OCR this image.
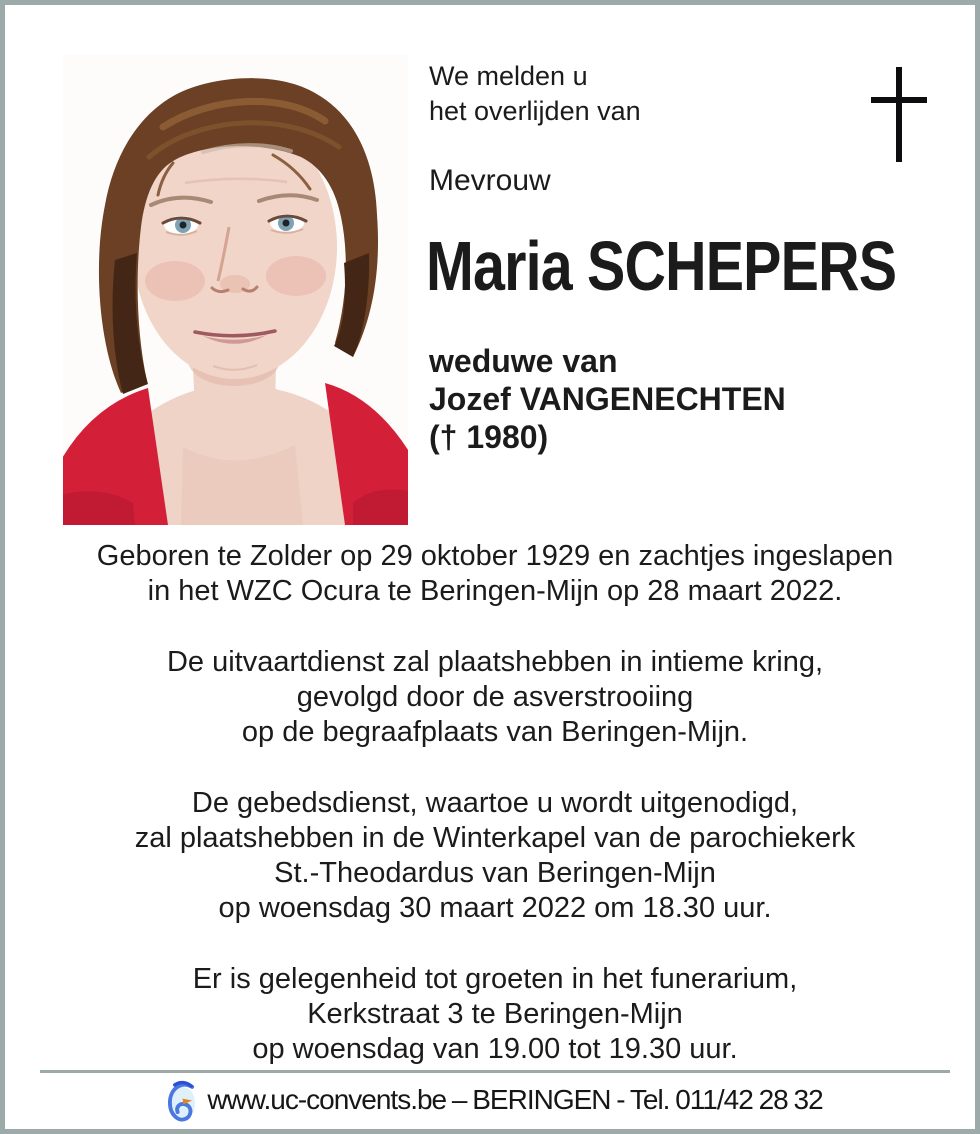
We melden u
het overlijden van
Mevrouw
Maria SCHEPERS
weduwe van
Jozef VANGENECHTEN
(† 1980)
Geboren te Zolder op 29 oktober 1929 en zachtjes ingeslapen
in het WZC Ocura te Beringen-Mijn op 28 maart 2022.
De uitvaartdienst zal plaatshebben in intieme kring,
gevolgd door de asverstrooiing
op de begraafplaats van Beringen-Mijn.
De gebedsdienst, waartoe u wordt uitgenodigd,
zal plaatshebben in de Winterkapel van de parochiekerk
St.-Theodardus van Beringen-Mijn
op woensdag 30 maart 2022 om 18.30 uur.
Er is gelegenheid tot groeten in het funerarium,
Kerkstraat 3 te Beringen-Mijn
op woensdag van 19.00 tot 19.30 uur.
www.uc-convents.be – BERINGEN - Tel. 011/42 28 32
